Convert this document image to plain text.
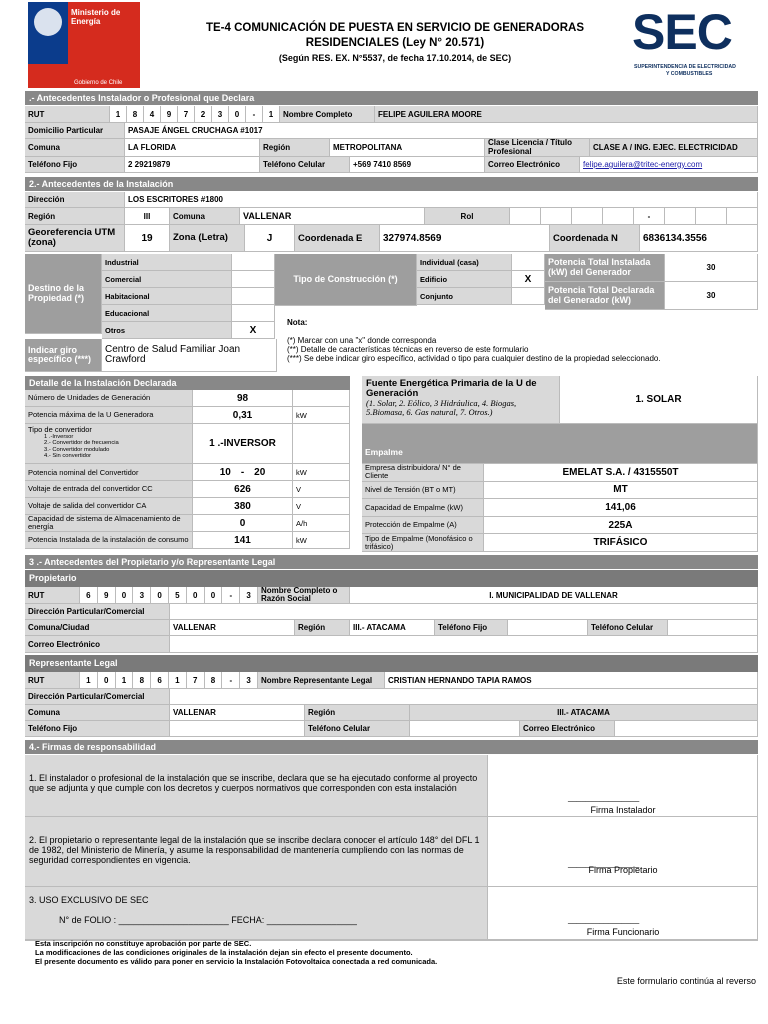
Ministerio de Energía
Gobierno de Chile
TE-4 COMUNICACIÓN DE PUESTA EN SERVICIO DE GENERADORAS
RESIDENCIALES (Ley N° 20.571)
(Según RES. EX. N°5537, de fecha 17.10.2014, de SEC)	SEC
SUPERINTENDENCIA DE ELECTRICIDAD
Y COMBUSTIBLES
.- Antecedentes Instalador o Profesional que Declara
RUT	1	8	4	9	7	2	3	0	-	1	Nombre Completo	FELIPE AGUILERA MOORE
Domicilio Particular	PASAJE ÁNGEL CRUCHAGA #1017
Comuna	LA FLORIDA	Región	METROPOLITANA
Clase Licencia / Título Profesional	CLASE A / ING. EJEC. ELECTRICIDAD
Teléfono Fijo	2 29219879	Teléfono Celular	+569 7410 8569	Correo Electrónico	felipe.aguilera@tritec-energy.com
2.- Antecedentes de la Instalación
Dirección	LOS ESCRITORES #1800
Región	III	Comuna	VALLENAR	Rol	-
Georeferencia UTM (zona)	19	Zona (Letra)	J	Coordenada E	327974.8569	Coordenada N	6836134.3556
Destino de la Propiedad (*)
Industrial
Comercial
Habitacional
Educacional
Otros	X
Tipo de Construcción (*)
Individual (casa)
Edificio	X
Conjunto
Potencia Total Instalada (kW) del Generador	30
Potencia Total Declarada del Generador (kW)	30
Indicar giro específico (***)
Centro de Salud Familiar Joan Crawford
Nota:
(*) Marcar con una "x" donde corresponda
(**) Detalle de características técnicas en reverso de este formulario
(***) Se debe indicar giro específico, actividad o tipo para cualquier destino de la propiedad seleccionado.
Detalle de la Instalación Declarada
Número de Unidades de Generación	98
Potencia máxima de la U Generadora	0,31	kW
Tipo de convertidor
1 .-Inversor
2.- Convertidor de frecuencia
3.- Convertidor modulado
4.- Sin convertidor
1 .-INVERSOR
Potencia nominal del Convertidor	10 - 20	kW
Voltaje de entrada del convertidor CC	626	V
Voltaje de salida del convertidor CA	380	V
Capacidad de sistema de Almacenamiento de energía	0	A/h
Potencia Instalada de la instalación de consumo	141	kW
Fuente Energética Primaria de la U de Generación
(1. Solar, 2. Eólico, 3 Hidráulica, 4. Biogas, 5.Biomasa, 6. Gas natural, 7. Otros.)
1. SOLAR
Empalme
Empresa distribuidora/ N° de Cliente	EMELAT S.A. / 4315550T
Nivel de Tensión (BT o MT)	MT
Capacidad de Empalme (kW)	141,06
Protección de Empalme (A)	225A
Tipo de Empalme (Monofásico o trifásico)	TRIFÁSICO
3 .- Antecedentes del Propietario y/o Representante Legal
Propietario
RUT	6	9	0	3	0	5	0	0	-	3
Nombre Completo o Razón Social	I. MUNICIPALIDAD DE VALLENAR
Dirección Particular/Comercial
Comuna/Ciudad	VALLENAR	Región	III.- ATACAMA	Teléfono Fijo	Teléfono Celular
Correo Electrónico
Representante Legal
RUT	1	0	1	8	6	1	7	8	-	3	Nombre Representante Legal	CRISTIAN HERNANDO TAPIA RAMOS
Dirección Particular/Comercial
Comuna	VALLENAR	Región	III.- ATACAMA
Teléfono Fijo	Teléfono Celular	Correo Electrónico
4.- Firmas de responsabilidad
1. El instalador o profesional de la instalación que se inscribe, declara que se ha ejecutado conforme al proyecto que se adjunta y que cumple con los decretos y cuerpos normativos que corresponden con esta instalación
________________
Firma Instalador
2. El propietario o representante legal de la instalación que se inscribe declara conocer el artículo 148° del DFL 1 de 1982, del Ministerio de Minería, y asume la responsabilidad de mantenería cumpliendo con las normas de seguridad correspondientes en vigencia.	________________
Firma Propietario
3. USO EXCLUSIVO DE SEC
N° de FOLIO : ______________________ FECHA: __________________	________________
Firma Funcionario
Esta inscripción no constituye aprobación por parte de SEC.
La modificaciones de las condiciones originales de la instalación dejan sin efecto el presente documento.
El presente documento es válido para poner en servicio la Instalación Fotovoltaica conectada a red comunicada.
Este formulario continúa al reverso
